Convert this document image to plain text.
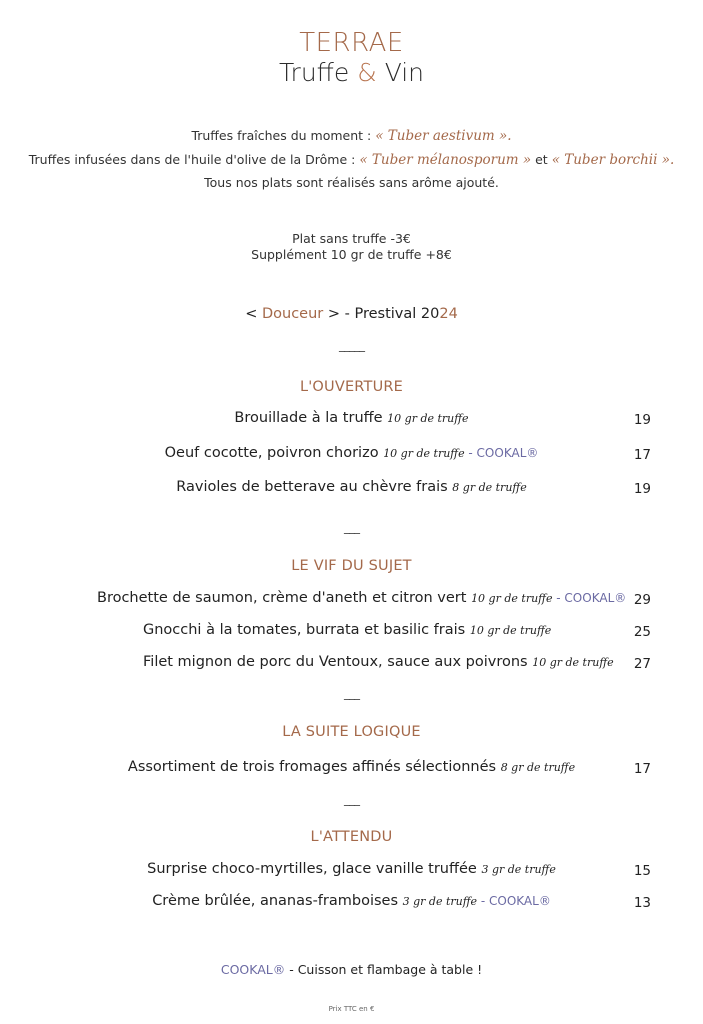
TERRAE
Truffe & Vin
Truffes fraîches du moment : « Tuber aestivum ».
Truffes infusées dans de l'huile d'olive de la Drôme : « Tuber mélanosporum » et « Tuber borchii ».
Tous nos plats sont réalisés sans arôme ajouté.
Plat sans truffe -3€
Supplément 10 gr de truffe +8€
< Douceur > - Prestival 2024
_____
L'OUVERTURE
Brouillade à la truffe 10 gr de truffe	19
Oeuf cocotte, poivron chorizo 10 gr de truffe - COOKAL®	17
Ravioles de betterave au chèvre frais 8 gr de truffe	19
___
LE VIF DU SUJET
Brochette de saumon, crème d'aneth et citron vert 10 gr de truffe - COOKAL® 29
Gnocchi à la tomates, burrata et basilic frais 10 gr de truffe	25
Filet mignon de porc du Ventoux, sauce aux poivrons 10 gr de truffe 27
___
LA SUITE LOGIQUE
Assortiment de trois fromages affinés sélectionnés 8 gr de truffe	17
___
L'ATTENDU
Surprise choco-myrtilles, glace vanille truffée 3 gr de truffe	15
Crème brûlée, ananas-framboises 3 gr de truffe - COOKAL®	13
COOKAL® - Cuisson et flambage à table !
Prix TTC en €
